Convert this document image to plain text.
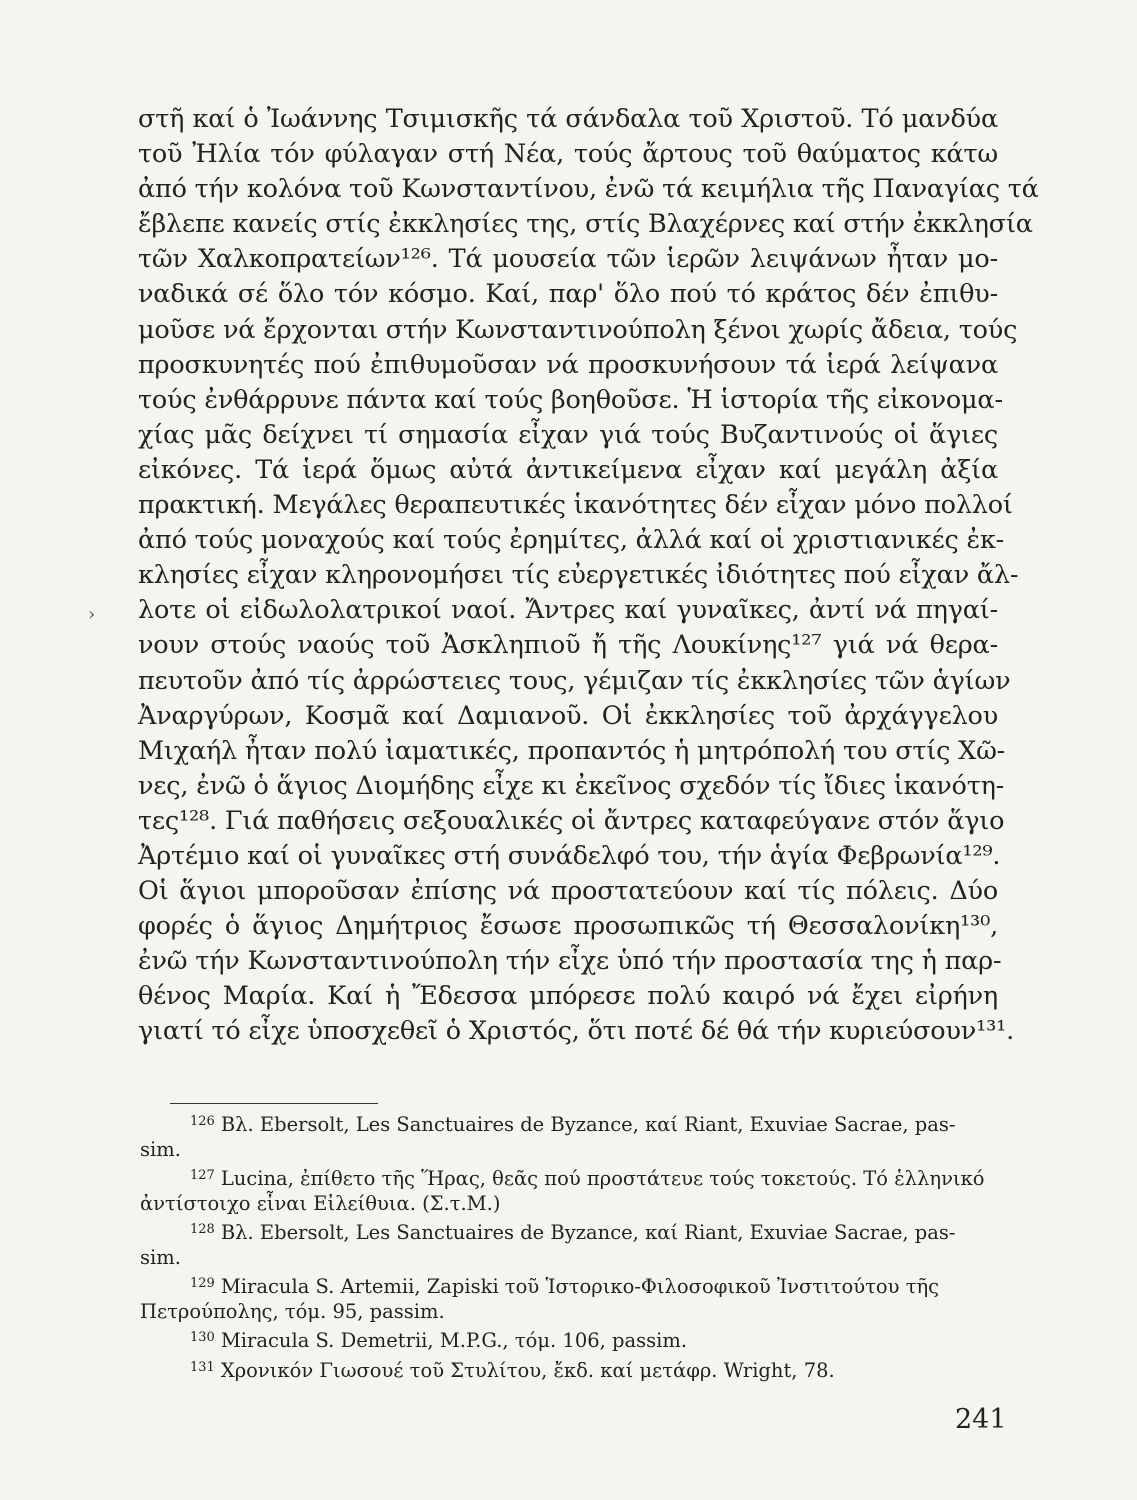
στῆ καί ὁ Ἰωάννης Τσιμισκῆς τά σάνδαλα τοῦ Χριστοῦ. Τό μανδύα
τοῦ Ἠλία τόν φύλαγαν στή Νέα, τούς ἄρτους τοῦ θαύματος κάτω
ἀπό τήν κολόνα τοῦ Κωνσταντίνου, ἐνῶ τά κειμήλια τῆς Παναγίας τά
ἔβλεπε κανείς στίς ἐκκλησίες της, στίς Βλαχέρνες καί στήν ἐκκλησία
τῶν Χαλκοπρατείων¹²⁶. Τά μουσεία τῶν ἱερῶν λειψάνων ἦταν μο-
ναδικά σέ ὅλο τόν κόσμο. Καί, παρ' ὅλο πού τό κράτος δέν ἐπιθυ-
μοῦσε νά ἔρχονται στήν Κωνσταντινούπολη ξένοι χωρίς ἄδεια, τούς
προσκυνητές πού ἐπιθυμοῦσαν νά προσκυνήσουν τά ἱερά λείψανα
τούς ἐνθάρρυνε πάντα καί τούς βοηθοῦσε. Ἡ ἱστορία τῆς εἰκονομα-
χίας μᾶς δείχνει τί σημασία εἶχαν γιά τούς Βυζαντινούς οἱ ἅγιες
εἰκόνες. Τά ἱερά ὅμως αὐτά ἀντικείμενα εἶχαν καί μεγάλη ἀξία
πρακτική. Μεγάλες θεραπευτικές ἱκανότητες δέν εἶχαν μόνο πολλοί
ἀπό τούς μοναχούς καί τούς ἐρημίτες, ἀλλά καί οἱ χριστιανικές ἐκ-
κλησίες εἶχαν κληρονομήσει τίς εὐεργετικές ἰδιότητες πού εἶχαν ἄλ-
λοτε οἱ εἰδωλολατρικοί ναοί. Ἄντρες καί γυναῖκες, ἀντί νά πηγαί-
νουν στούς ναούς τοῦ Ἀσκληπιοῦ ἤ τῆς Λουκίνης¹²⁷ γιά νά θερα-
πευτοῦν ἀπό τίς ἀρρώστειες τους, γέμιζαν τίς ἐκκλησίες τῶν ἁγίων
Ἀναργύρων, Κοσμᾶ καί Δαμιανοῦ. Οἱ ἐκκλησίες τοῦ ἀρχάγγελου
Μιχαήλ ἦταν πολύ ἰαματικές, προπαντός ἡ μητρόπολή του στίς Χῶ-
νες, ἐνῶ ὁ ἅγιος Διομήδης εἶχε κι ἐκεῖνος σχεδόν τίς ἴδιες ἱκανότη-
τες¹²⁸. Γιά παθήσεις σεξουαλικές οἱ ἄντρες καταφεύγανε στόν ἅγιο
Ἀρτέμιο καί οἱ γυναῖκες στή συνάδελφό του, τήν ἁγία Φεβρωνία¹²⁹.
Οἱ ἅγιοι μποροῦσαν ἐπίσης νά προστατεύουν καί τίς πόλεις. Δύο
φορές ὁ ἅγιος Δημήτριος ἔσωσε προσωπικῶς τή Θεσσαλονίκη¹³⁰,
ἐνῶ τήν Κωνσταντινούπολη τήν εἶχε ὑπό τήν προστασία της ἡ παρ-
θένος Μαρία. Καί ἡ Ἔδεσσα μπόρεσε πολύ καιρό νά ἔχει εἰρήνη
γιατί τό εἶχε ὑποσχεθεῖ ὁ Χριστός, ὅτι ποτέ δέ θά τήν κυριεύσουν¹³¹.
›
$^{126}$ Βλ. Ebersolt, Les Sanctuaires de Byzance, καί Riant, Exuviae Sacrae, pas-
sim.
$^{127}$ Lucina, ἐπίθετο τῆς Ἥρας, θεᾶς πού προστάτευε τούς τοκετούς. Τό ἑλληνικό
ἀντίστοιχο εἶναι Εἰλείθυια. (Σ.τ.Μ.)
$^{128}$ Βλ. Ebersolt, Les Sanctuaires de Byzance, καί Riant, Exuviae Sacrae, pas-
sim.
$^{129}$ Miracula S. Artemii, Zapiski τοῦ Ἱστορικο-Φιλοσοφικοῦ Ἰνστιτούτου τῆς
Πετρούπολης, τόμ. 95, passim.
$^{130}$ Miracula S. Demetrii, M.P.G., τόμ. 106, passim.
$^{131}$ Χρονικόν Γιωσουέ τοῦ Στυλίτου, ἔκδ. καί μετάφρ. Wright, 78.
241
